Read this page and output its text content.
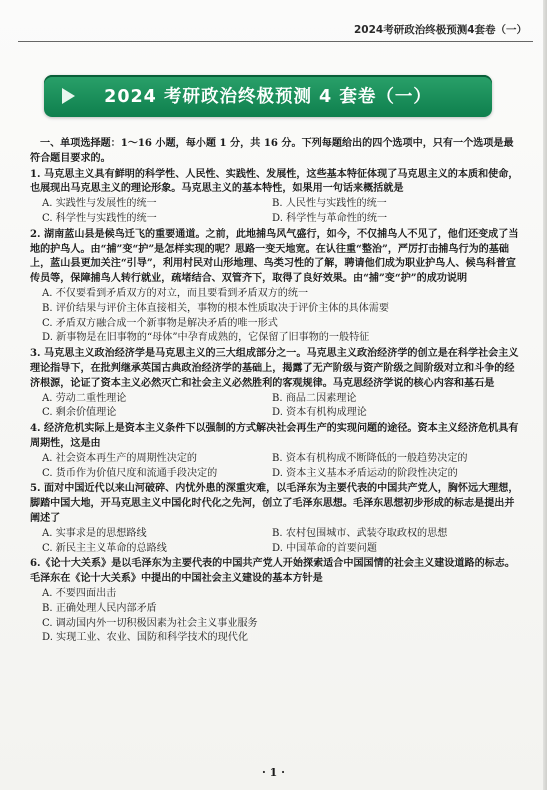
2024考研政治终极预测4套卷（一）
2024 考研政治终极预测 4 套卷（一）
一、单项选择题：1～16 小题，每小题 1 分，共 16 分。下列每题给出的四个选项中，只有一个选项是最符合题目要求的。
1. 马克思主义具有鲜明的科学性、人民性、实践性、发展性，这些基本特征体现了马克思主义的本质和使命，也展现出马克思主义的理论形象。马克思主义的基本特性，如果用一句话来概括就是
A. 实践性与发展性的统一	B. 人民性与实践性的统一
C. 科学性与实践性的统一	D. 科学性与革命性的统一
2. 湖南蓝山县是候鸟迁飞的重要通道。之前，此地捕鸟风气盛行，如今，不仅捕鸟人不见了，他们还变成了当地的护鸟人。由“捕”变“护”是怎样实现的呢？思路一变天地宽。在认往重“整治”，严厉打击捕鸟行为的基础上，蓝山县更加关注“引导”，利用村民对山形地理、鸟类习性的了解，聘请他们成为职业护鸟人、候鸟科普宣传员等，保障捕鸟人转行就业，疏堵结合、双管齐下，取得了良好效果。由“捕”变“护”的成功说明
A. 不仅要看到矛盾双方的对立，而且要看到矛盾双方的统一
B. 评价结果与评价主体直接相关，事物的根本性质取决于评价主体的具体需要
C. 矛盾双方融合成一个新事物是解决矛盾的唯一形式
D. 新事物是在旧事物的“母体”中孕育成熟的，它保留了旧事物的一般特征
3. 马克思主义政治经济学是马克思主义的三大组成部分之一。马克思主义政治经济学的创立是在科学社会主义理论指导下，在批判继承英国古典政治经济学的基础上，揭露了无产阶级与资产阶级之间阶级对立和斗争的经济根源，论证了资本主义必然灭亡和社会主义必然胜利的客观规律。马克思经济学说的核心内容和基石是
A. 劳动二重性理论	B. 商品二因素理论
C. 剩余价值理论	D. 资本有机构成理论
4. 经济危机实际上是资本主义条件下以强制的方式解决社会再生产的实现问题的途径。资本主义经济危机具有周期性，这是由
A. 社会资本再生产的周期性决定的	B. 资本有机构成不断降低的一般趋势决定的
C. 货币作为价值尺度和流通手段决定的	D. 资本主义基本矛盾运动的阶段性决定的
5. 面对中国近代以来山河破碎、内忧外患的深重灾难，以毛泽东为主要代表的中国共产党人，胸怀远大理想，脚踏中国大地，开马克思主义中国化时代化之先河，创立了毛泽东思想。毛泽东思想初步形成的标志是提出并阐述了
A. 实事求是的思想路线	B. 农村包围城市、武装夺取政权的思想
C. 新民主主义革命的总路线	D. 中国革命的首要问题
6.《论十大关系》是以毛泽东为主要代表的中国共产党人开始探索适合中国国情的社会主义建设道路的标志。毛泽东在《论十大关系》中提出的中国社会主义建设的基本方针是
A. 不要四面出击
B. 正确处理人民内部矛盾
C. 调动国内外一切积极因素为社会主义事业服务
D. 实现工业、农业、国防和科学技术的现代化
· 1 ·
